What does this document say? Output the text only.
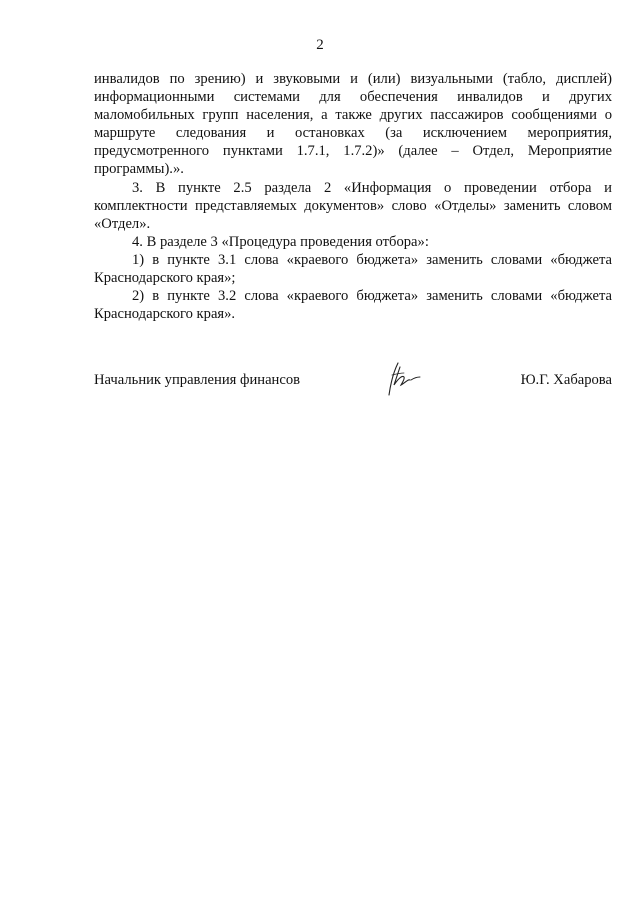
2

инвалидов по зрению) и звуковыми и (или) визуальными (табло, дисплей) информационными системами для обеспечения инвалидов и других маломобильных групп населения, а также других пассажиров сообщениями о маршруте следования и остановках (за исключением мероприятия, предусмотренного пунктами 1.7.1, 1.7.2)» (далее – Отдел, Мероприятие программы).».

3. В пункте 2.5 раздела 2 «Информация о проведении отбора и комплектности представляемых документов» слово «Отделы» заменить словом «Отдел».

4. В разделе 3 «Процедура проведения отбора»:

1) в пункте 3.1 слова «краевого бюджета» заменить словами «бюджета Краснодарского края»;

2) в пункте 3.2 слова «краевого бюджета» заменить словами «бюджета Краснодарского края».

Начальник управления финансов	Ю.Г. Хабарова
